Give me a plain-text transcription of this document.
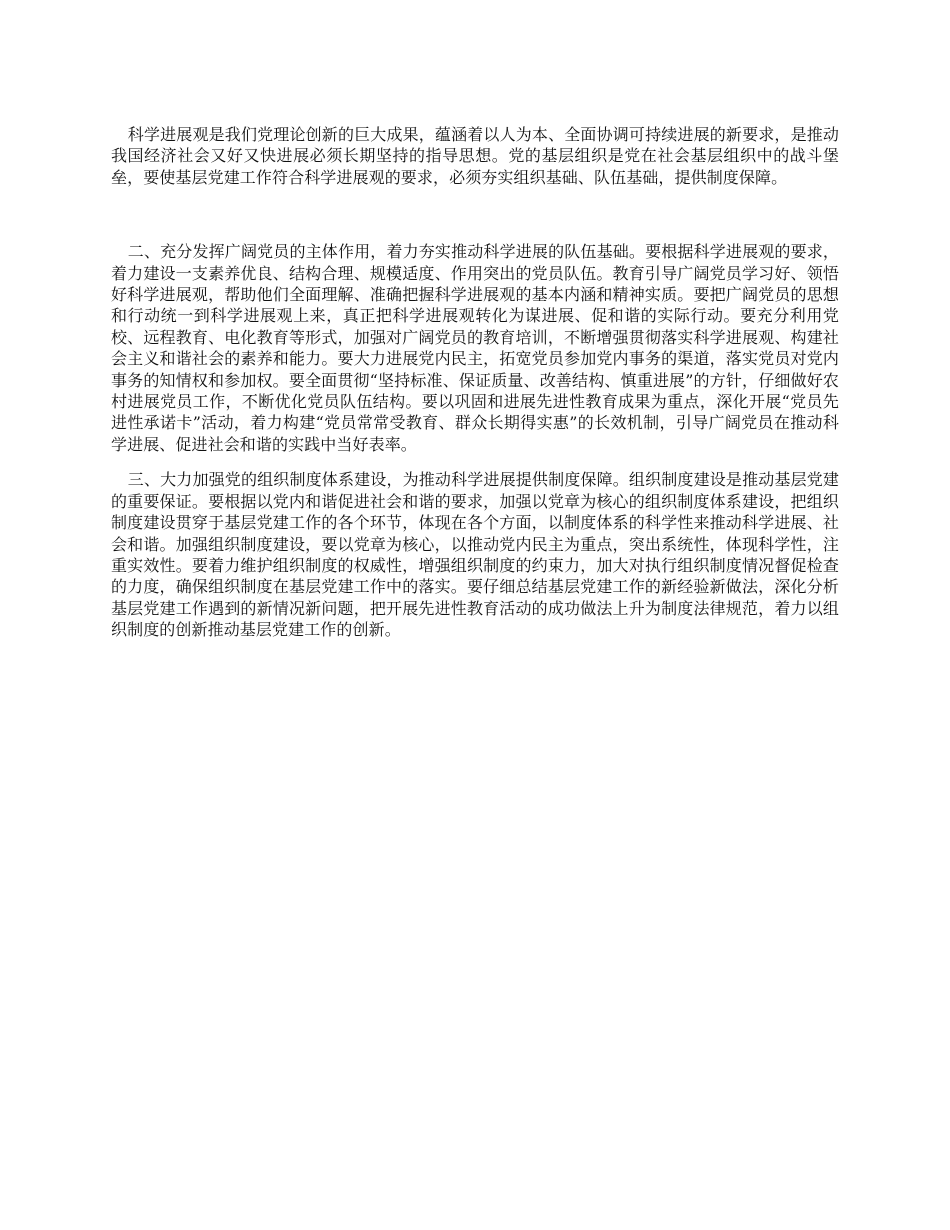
科学进展观是我们党理论创新的巨大成果，蕴涵着以人为本、全面协调可持续进展的新要求，是推动我国经济社会又好又快进展必须长期坚持的指导思想。党的基层组织是党在社会基层组织中的战斗堡垒，要使基层党建工作符合科学进展观的要求，必须夯实组织基础、队伍基础，提供制度保障。

二、充分发挥广阔党员的主体作用，着力夯实推动科学进展的队伍基础。要根据科学进展观的要求，着力建设一支素养优良、结构合理、规模适度、作用突出的党员队伍。教育引导广阔党员学习好、领悟好科学进展观，帮助他们全面理解、准确把握科学进展观的基本内涵和精神实质。要把广阔党员的思想和行动统一到科学进展观上来，真正把科学进展观转化为谋进展、促和谐的实际行动。要充分利用党校、远程教育、电化教育等形式，加强对广阔党员的教育培训，不断增强贯彻落实科学进展观、构建社会主义和谐社会的素养和能力。要大力进展党内民主，拓宽党员参加党内事务的渠道，落实党员对党内事务的知情权和参加权。要全面贯彻“坚持标准、保证质量、改善结构、慎重进展”的方针，仔细做好农村进展党员工作，不断优化党员队伍结构。要以巩固和进展先进性教育成果为重点，深化开展“党员先进性承诺卡”活动，着力构建“党员常常受教育、群众长期得实惠”的长效机制，引导广阔党员在推动科学进展、促进社会和谐的实践中当好表率。

三、大力加强党的组织制度体系建设，为推动科学进展提供制度保障。组织制度建设是推动基层党建的重要保证。要根据以党内和谐促进社会和谐的要求，加强以党章为核心的组织制度体系建设，把组织制度建设贯穿于基层党建工作的各个环节，体现在各个方面，以制度体系的科学性来推动科学进展、社会和谐。加强组织制度建设，要以党章为核心，以推动党内民主为重点，突出系统性，体现科学性，注重实效性。要着力维护组织制度的权威性，增强组织制度的约束力，加大对执行组织制度情况督促检查的力度，确保组织制度在基层党建工作中的落实。要仔细总结基层党建工作的新经验新做法，深化分析基层党建工作遇到的新情况新问题，把开展先进性教育活动的成功做法上升为制度法律规范，着力以组织制度的创新推动基层党建工作的创新。
